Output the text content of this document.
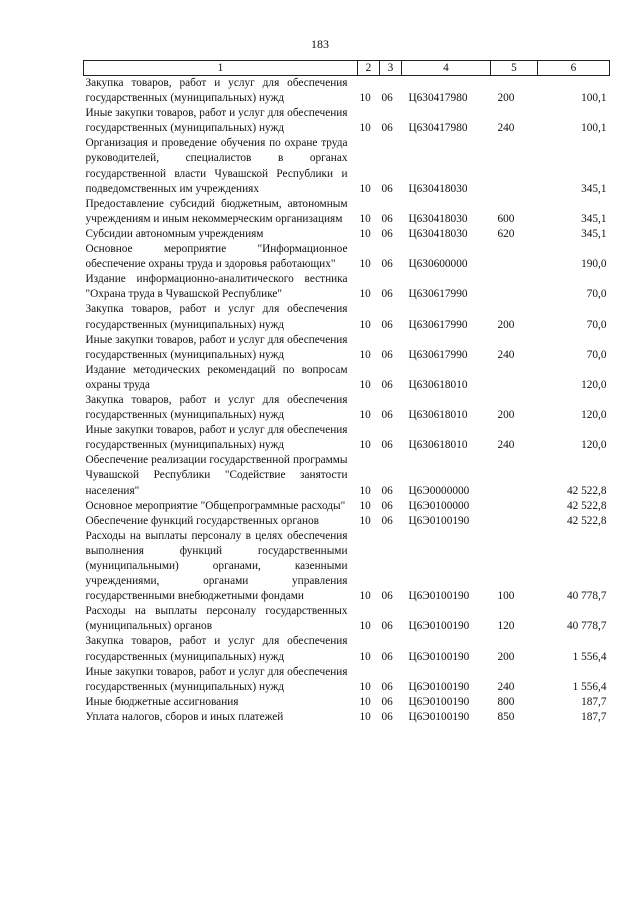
183
1	2	3	4	5	6
Закупка товаров, работ и услуг для обеспечения государственных (муниципальных) нужд	10	06	Ц630417980	200	100,1
Иные закупки товаров, работ и услуг для обеспечения государственных (муниципальных) нужд	10	06	Ц630417980	240	100,1
Организация и проведение обучения по охране труда руководителей, специалистов в органах государственной власти Чувашской Республики и подведомственных им учреждениях	10	06	Ц630418030		345,1
Предоставление субсидий бюджетным, автономным учреждениям и иным некоммерческим организациям	10	06	Ц630418030	600	345,1
Субсидии автономным учреждениям	10	06	Ц630418030	620	345,1
Основное мероприятие "Информационное обеспечение охраны труда и здоровья работающих"	10	06	Ц630600000		190,0
Издание информационно-аналитического вестника "Охрана труда в Чувашской Республике"	10	06	Ц630617990		70,0
Закупка товаров, работ и услуг для обеспечения государственных (муниципальных) нужд	10	06	Ц630617990	200	70,0
Иные закупки товаров, работ и услуг для обеспечения государственных (муниципальных) нужд	10	06	Ц630617990	240	70,0
Издание методических рекомендаций по вопросам охраны труда	10	06	Ц630618010		120,0
Закупка товаров, работ и услуг для обеспечения государственных (муниципальных) нужд	10	06	Ц630618010	200	120,0
Иные закупки товаров, работ и услуг для обеспечения государственных (муниципальных) нужд	10	06	Ц630618010	240	120,0
Обеспечение реализации государственной программы Чувашской Республики "Содействие занятости населения"	10	06	Ц6Э0000000		42 522,8
Основное мероприятие "Общепрограммные расходы"	10	06	Ц6Э0100000		42 522,8
Обеспечение функций государственных органов	10	06	Ц6Э0100190		42 522,8
Расходы на выплаты персоналу в целях обеспечения выполнения функций государственными (муниципальными) органами, казенными учреждениями, органами управления государственными внебюджетными фондами	10	06	Ц6Э0100190	100	40 778,7
Расходы на выплаты персоналу государственных (муниципальных) органов	10	06	Ц6Э0100190	120	40 778,7
Закупка товаров, работ и услуг для обеспечения государственных (муниципальных) нужд	10	06	Ц6Э0100190	200	1 556,4
Иные закупки товаров, работ и услуг для обеспечения государственных (муниципальных) нужд	10	06	Ц6Э0100190	240	1 556,4
Иные бюджетные ассигнования	10	06	Ц6Э0100190	800	187,7
Уплата налогов, сборов и иных платежей	10	06	Ц6Э0100190	850	187,7
